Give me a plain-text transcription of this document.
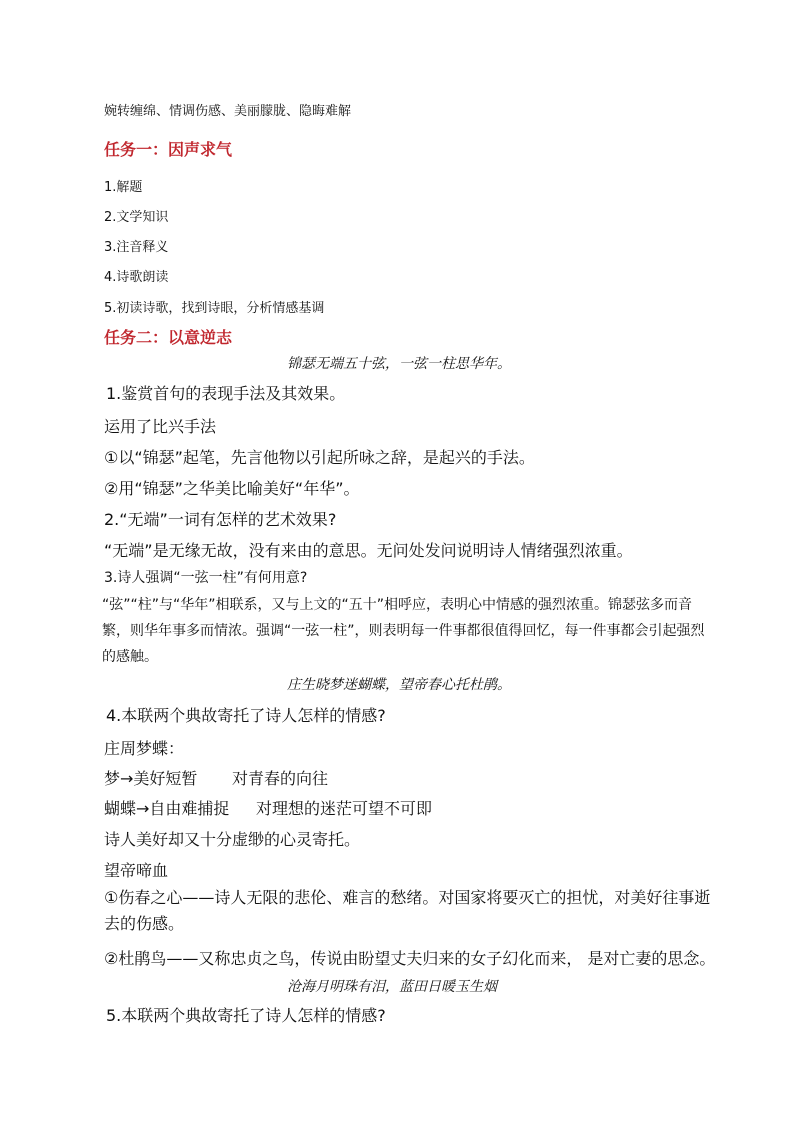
婉转缠绵、情调伤感、美丽朦胧、隐晦难解
任务一：因声求气
1.解题
2.文学知识
3.注音释义
4.诗歌朗读
5.初读诗歌，找到诗眼，分析情感基调
任务二：以意逆志
锦瑟无端五十弦，一弦一柱思华年。
1.鉴赏首句的表现手法及其效果。
运用了比兴手法
①以“锦瑟”起笔，先言他物以引起所咏之辞，是起兴的手法。
②用“锦瑟”之华美比喻美好“年华”。
2.“无端”一词有怎样的艺术效果?
“无端”是无缘无故，没有来由的意思。无问处发问说明诗人情绪强烈浓重。
3.诗人强调“一弦一柱”有何用意?
“弦”“柱”与“华年”相联系，又与上文的“五十”相呼应，表明心中情感的强烈浓重。锦瑟弦多而音繁，则华年事多而情浓。强调“一弦一柱”，则表明每一件事都很值得回忆，每一件事都会引起强烈的感触。
庄生晓梦迷蝴蝶，望帝春心托杜鹃。
4.本联两个典故寄托了诗人怎样的情感?
庄周梦蝶：
梦→美好短暂 对青春的向往
蝴蝶→自由难捕捉 对理想的迷茫可望不可即
诗人美好却又十分虚缈的心灵寄托。
望帝啼血
①伤春之心——诗人无限的悲伦、难言的愁绪。对国家将要灭亡的担忧，对美好往事逝去的伤感。
②杜鹃鸟——又称忠贞之鸟，传说由盼望丈夫归来的女子幻化而来， 是对亡妻的思念。
沧海月明珠有泪，蓝田日暖玉生烟
5.本联两个典故寄托了诗人怎样的情感?
